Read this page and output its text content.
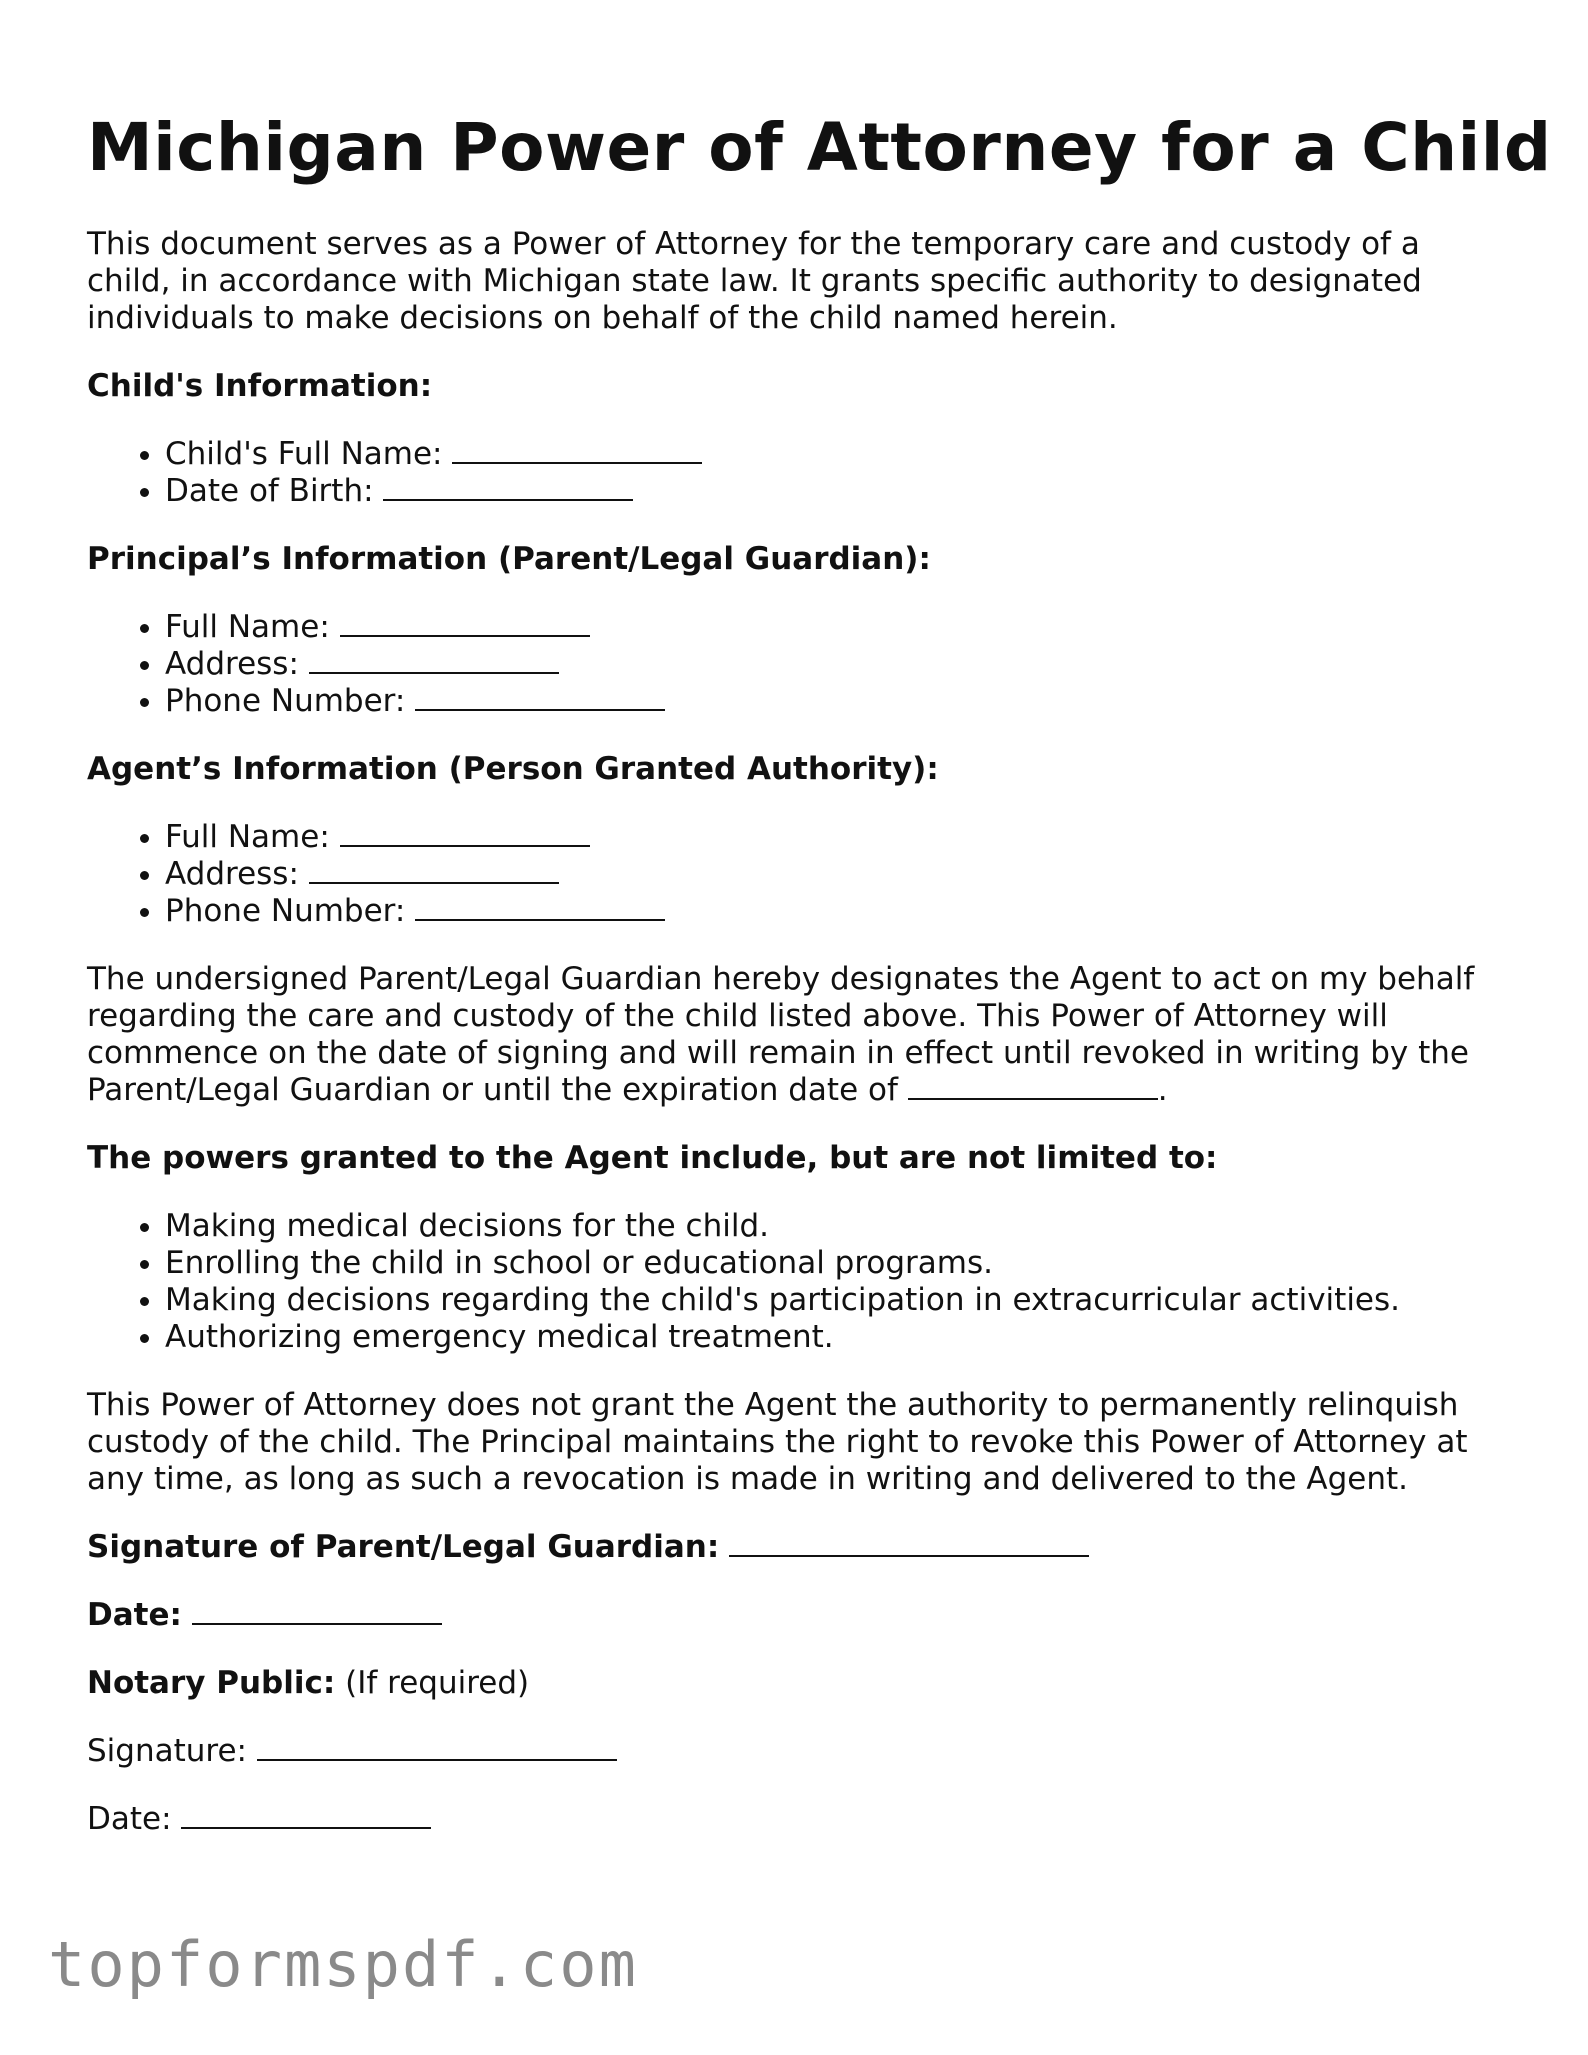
Michigan Power of Attorney for a Child

This document serves as a Power of Attorney for the temporary care and custody of a child, in accordance with Michigan state law. It grants specific authority to designated individuals to make decisions on behalf of the child named herein.

Child's Information:
• Child's Full Name:
• Date of Birth:
Principal’s Information (Parent/Legal Guardian):
• Full Name:
• Address:
• Phone Number:
Agent’s Information (Person Granted Authority):
• Full Name:
• Address:
• Phone Number:

The undersigned Parent/Legal Guardian hereby designates the Agent to act on my behalf regarding the care and custody of the child listed above. This Power of Attorney will commence on the date of signing and will remain in effect until revoked in writing by the Parent/Legal Guardian or until the expiration date of	.

The powers granted to the Agent include, but are not limited to:
• Making medical decisions for the child.
• Enrolling the child in school or educational programs.
• Making decisions regarding the child's participation in extracurricular activities.
• Authorizing emergency medical treatment.

This Power of Attorney does not grant the Agent the authority to permanently relinquish custody of the child. The Principal maintains the right to revoke this Power of Attorney at any time, as long as such a revocation is made in writing and delivered to the Agent.

Signature of Parent/Legal Guardian:
Date:
Notary Public: (If required)
Signature:
Date:
topformspdf.com
